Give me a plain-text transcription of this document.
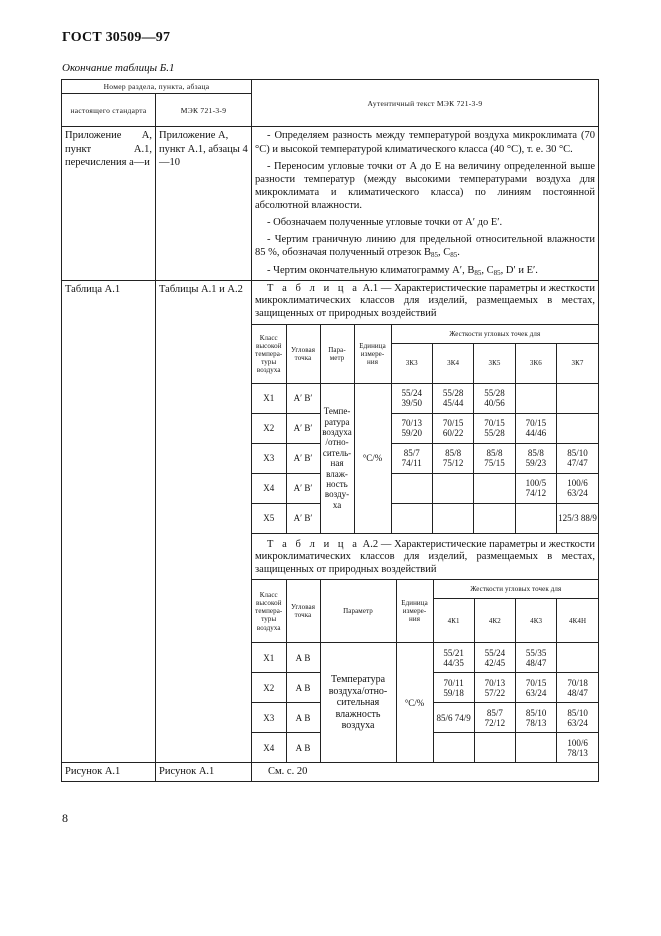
ГОСТ 30509—97
Окончание таблицы Б.1
Номер раздела, пункта, абзаца	Аутентичный текст МЭК 721-3-9
настоящего стандарта	МЭК 721-3-9
Приложение А, пункт А.1, перечисления а—и	Приложение А, пункт А.1, абзацы 4—10	

- Определяем разность между температурой воздуха микроклимата (70 °С) и высокой температурой климатического класса (40 °С), т. е. 30 °С.

- Переносим угловые точки от А до Е на величину определенной выше разности температур (между высокими температурами воздуха для микроклимата и климатического класса) по линиям постоянной абсолютной влажности.

- Обозначаем полученные угловые точки от А′ до Е′.

- Чертим граничную линию для предельной относительной влажности 85 %, обозначая полученный отрезок $В_{85}$, $С_{85}$.

- Чертим окончательную климатограмму А′, $В_{85}$, $С_{85}$, D′ и Е′.

Таблица А.1	Таблицы А.1 и А.2	Т а б л и ц а А.1 — Характеристические параметры и жесткости микроклиматических классов для изделий, размещаемых в местах, защищенных от природных воздействий

Класс высокой темпера-туры воздуха	Угловая точка	Пара-метр	Единица измере-ния	Жесткости угловых точек для
3К3	3К4	3К5	3К6	3К7
Х1	А′ В′	Темпе-ратура воздуха /отно-ситель-ная влаж-ность возду-ха	°С/%	55/24 39/50	55/28 45/44	55/28 40/56		
Х2	А′ В′	70/13 59/20	70/15 60/22	70/15 55/28	70/15 44/46	
Х3	А′ В′	85/7 74/11	85/8 75/12	85/8 75/15	85/8 59/23	85/10 47/47
Х4	А′ В′				100/5 74/12	100/6 63/24
Х5	А′ В′					125/3 88/9

Т а б л и ц а А.2 — Характеристические параметры и жесткости микроклиматических классов для изделий, размещаемых в местах, защищенных от природных воздействий

Класс высокой темпера-туры воздуха	Угловая точка	Параметр	Единица измере-ния	Жесткости угловых точек для
4К1	4К2	4К3	4К4Н
Х1	А В	Температура воздуха/отно-сительная влажность воздуха	°С/%	55/21 44/35	55/24 42/45	55/35 48/47	
Х2	А В	70/11 59/18	70/13 57/22	70/15 63/24	70/18 48/47
Х3	А В	85/6 74/9	85/7 72/12	85/10 78/13	85/10 63/24
Х4	А В				100/6 78/13

Рисунок А.1	Рисунок А.1	См. с. 20
8
